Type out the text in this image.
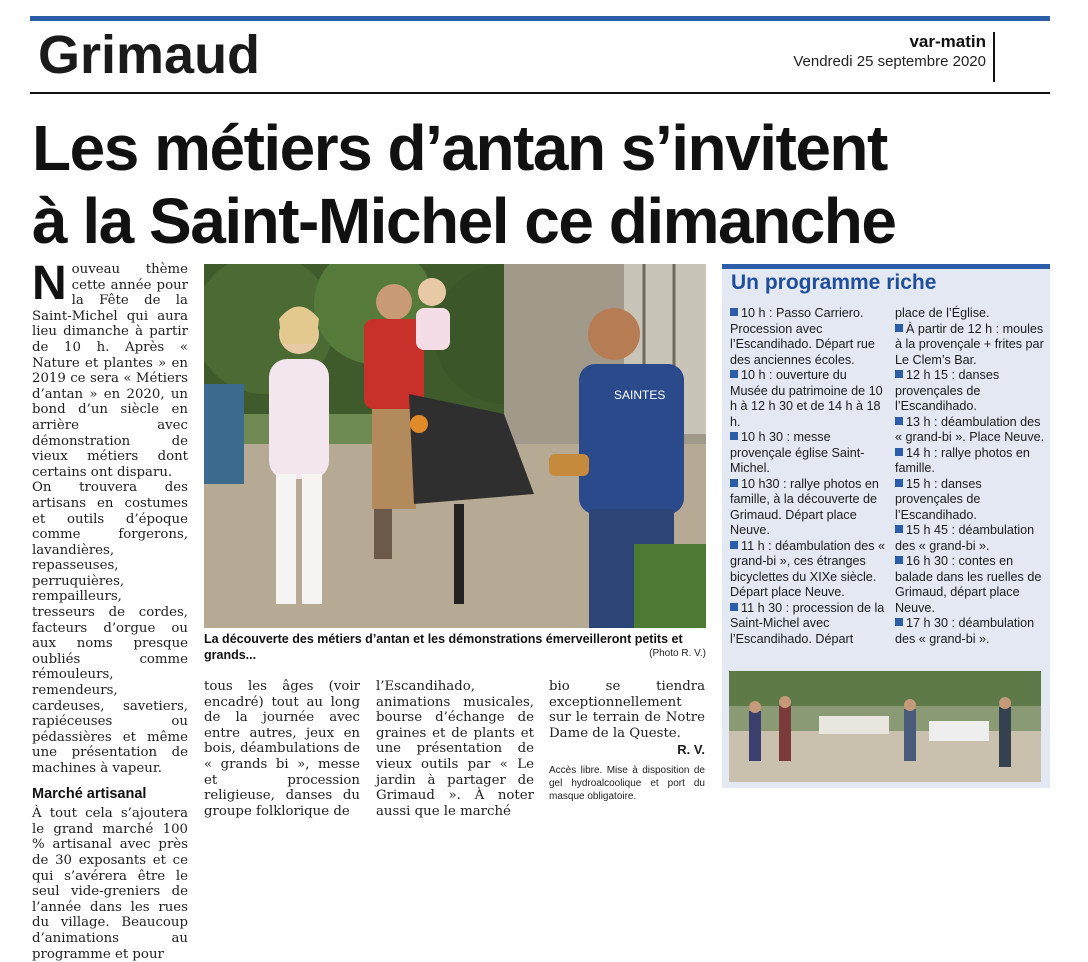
Grimaud	var-matin
Vendredi 25 septembre 2020
Les métiers d’antan s’invitent
à la Saint-Michel ce dimanche

Nouveau thème cette année pour la Fête de la Saint-Michel qui aura lieu dimanche à partir de 10 h. Après « Nature et plantes » en 2019 ce sera « Métiers d’antan » en 2020, un bond d’un siècle en arrière avec démonstration de vieux métiers dont certains ont disparu.

On trouvera des artisans en costumes et outils d’époque comme forgerons, lavandières, repasseuses, perruquières, rempailleurs, tresseurs de cordes, facteurs d’orgue ou aux noms presque oubliés comme rémouleurs, remendeurs, cardeuses, savetiers, rapiéceuses ou pédassières et même une présentation de machines à vapeur.

Marché artisanal

À tout cela s’ajoutera le grand marché 100 % artisanal avec près de 30 exposants et ce qui s’avérera être le seul vide-greniers de l’année dans les rues du village. Beaucoup d’animations au programme et pour

SAINTES
La découverte des métiers d’antan et les démonstrations émerveilleront petits et grands...	(Photo R. V.)

tous les âges (voir encadré) tout au long de la journée avec entre autres, jeux en bois, déambulations de « grands bi », messe et procession religieuse, danses du groupe folklorique de

l’Escandihado, animations musicales, bourse d’échange de graines et de plants et une présentation de vieux outils par « Le jardin à partager de Grimaud ». À noter aussi que le marché

bio se tiendra exceptionnellement sur le terrain de Notre Dame de la Queste.

R. V.
Accès libre. Mise à disposition de gel hydroalcoolique et port du masque obligatoire.
Un programme riche

10 h : Passo Carriero. Procession avec l’Escandihado. Départ rue des anciennes écoles.

10 h : ouverture du Musée du patrimoine de 10 h à 12 h 30 et de 14 h à 18 h.

10 h 30 : messe provençale église Saint-Michel.

10 h30 : rallye photos en famille, à la découverte de Grimaud. Départ place Neuve.

11 h : déambulation des « grand-bi », ces étranges bicyclettes du XIXe siècle. Départ place Neuve.

11 h 30 : procession de la Saint-Michel avec l’Escandihado. Départ

place de l’Église.

À partir de 12 h : moules à la provençale + frites par Le Clem’s Bar.

12 h 15 : danses provençales de l’Escandihado.

13 h : déambulation des « grand-bi ». Place Neuve.

14 h : rallye photos en famille.

15 h : danses provençales de l’Escandihado.

15 h 45 : déambulation des « grand-bi ».

16 h 30 : contes en balade dans les ruelles de Grimaud, départ place Neuve.

17 h 30 : déambulation des « grand-bi ».
